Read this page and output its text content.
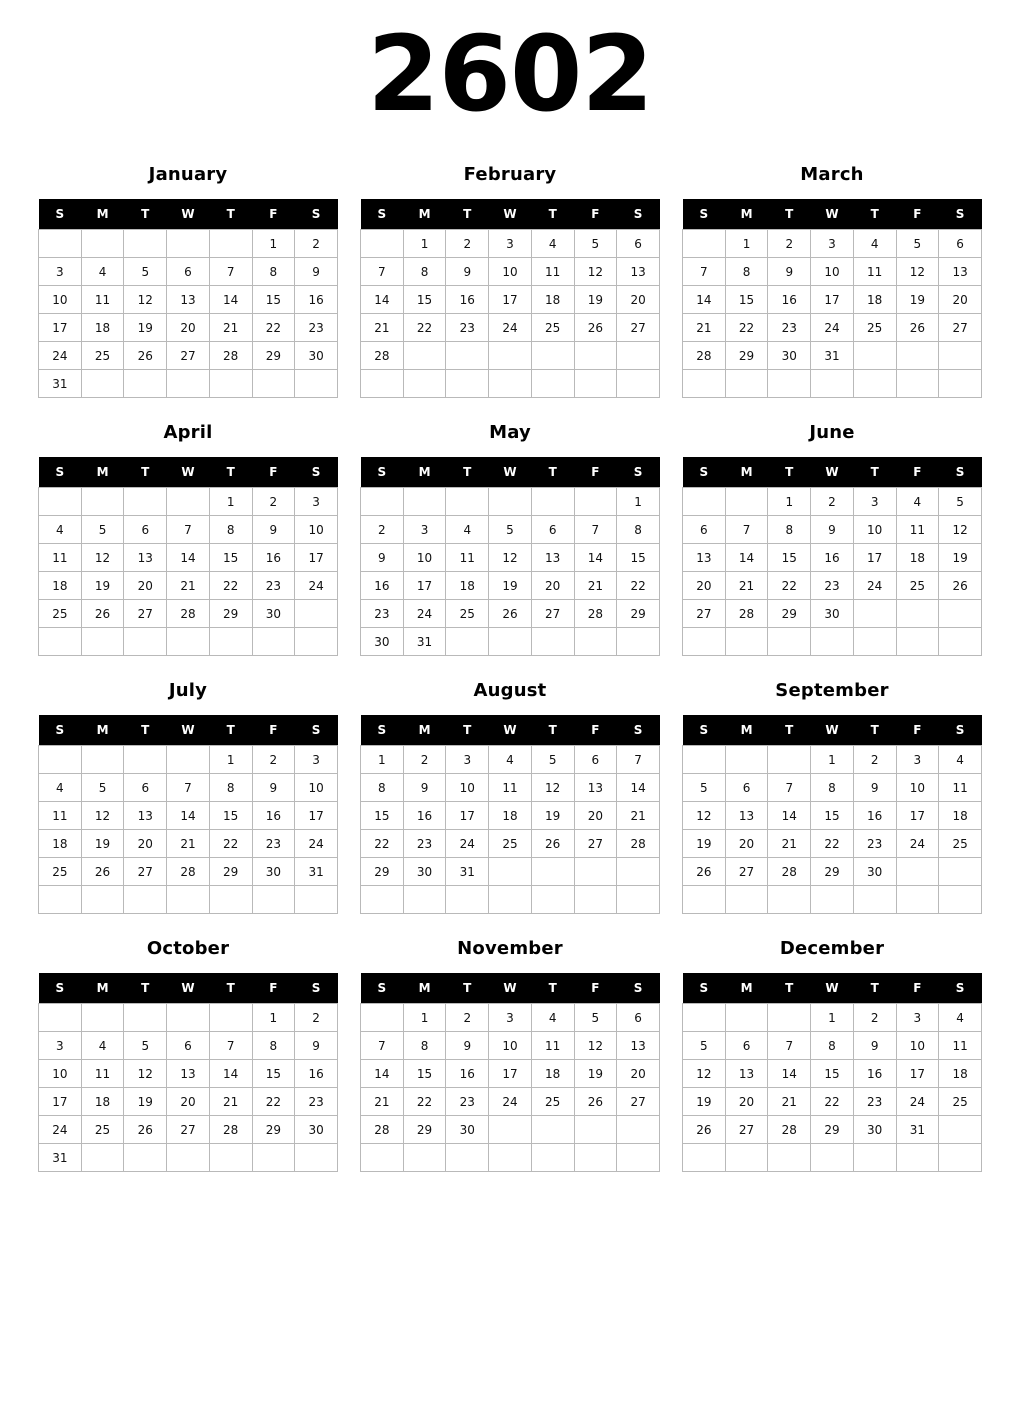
2602
January
S	M	T	W	T	F	S
					1	2
3	4	5	6	7	8	9
10	11	12	13	14	15	16
17	18	19	20	21	22	23
24	25	26	27	28	29	30
31						
February
S	M	T	W	T	F	S
	1	2	3	4	5	6
7	8	9	10	11	12	13
14	15	16	17	18	19	20
21	22	23	24	25	26	27
28						

March
S	M	T	W	T	F	S
	1	2	3	4	5	6
7	8	9	10	11	12	13
14	15	16	17	18	19	20
21	22	23	24	25	26	27
28	29	30	31			

April
S	M	T	W	T	F	S
				1	2	3
4	5	6	7	8	9	10
11	12	13	14	15	16	17
18	19	20	21	22	23	24
25	26	27	28	29	30	

May
S	M	T	W	T	F	S
						1
2	3	4	5	6	7	8
9	10	11	12	13	14	15
16	17	18	19	20	21	22
23	24	25	26	27	28	29
30	31					
June
S	M	T	W	T	F	S
		1	2	3	4	5
6	7	8	9	10	11	12
13	14	15	16	17	18	19
20	21	22	23	24	25	26
27	28	29	30			

July
S	M	T	W	T	F	S
				1	2	3
4	5	6	7	8	9	10
11	12	13	14	15	16	17
18	19	20	21	22	23	24
25	26	27	28	29	30	31

August
S	M	T	W	T	F	S
1	2	3	4	5	6	7
8	9	10	11	12	13	14
15	16	17	18	19	20	21
22	23	24	25	26	27	28
29	30	31				

September
S	M	T	W	T	F	S
			1	2	3	4
5	6	7	8	9	10	11
12	13	14	15	16	17	18
19	20	21	22	23	24	25
26	27	28	29	30		

October
S	M	T	W	T	F	S
					1	2
3	4	5	6	7	8	9
10	11	12	13	14	15	16
17	18	19	20	21	22	23
24	25	26	27	28	29	30
31						
November
S	M	T	W	T	F	S
	1	2	3	4	5	6
7	8	9	10	11	12	13
14	15	16	17	18	19	20
21	22	23	24	25	26	27
28	29	30				

December
S	M	T	W	T	F	S
			1	2	3	4
5	6	7	8	9	10	11
12	13	14	15	16	17	18
19	20	21	22	23	24	25
26	27	28	29	30	31	
